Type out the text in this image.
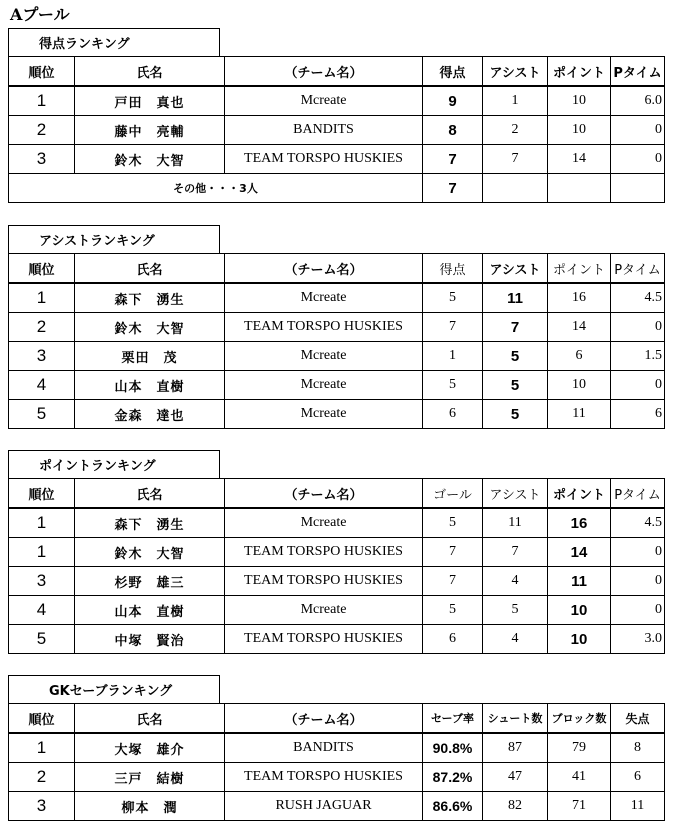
Aプール
得点ランキング
順位	氏名	（チーム名）	得点	アシスト	ポイント	Pタイム
1	戸田　真也	Mcreate	9	1	10	6.0
2	藤中　亮輔	BANDITS	8	2	10	0
3	鈴木　大智	TEAM TORSPO HUSKIES	7	7	14	0
その他・・・3人			7			
アシストランキング
順位	氏名	（チーム名）	得点	アシスト	ポイント	Pタイム
1	森下　湧生	Mcreate	5	11	16	4.5
2	鈴木　大智	TEAM TORSPO HUSKIES	7	7	14	0
3	栗田　茂	Mcreate	1	5	6	1.5
4	山本　直樹	Mcreate	5	5	10	0
5	金森　達也	Mcreate	6	5	11	6
ポイントランキング
順位	氏名	（チーム名）	ゴール	アシスト	ポイント	Pタイム
1	森下　湧生	Mcreate	5	11	16	4.5
1	鈴木　大智	TEAM TORSPO HUSKIES	7	7	14	0
3	杉野　雄三	TEAM TORSPO HUSKIES	7	4	11	0
4	山本　直樹	Mcreate	5	5	10	0
5	中塚　賢治	TEAM TORSPO HUSKIES	6	4	10	3.0
GKセーブランキング
順位	氏名	（チーム名）	セーブ率	シュート数	ブロック数	失点
1	大塚　雄介	BANDITS	90.8%	87	79	8
2	三戸　結樹	TEAM TORSPO HUSKIES	87.2%	47	41	6
3	柳本　潤	RUSH JAGUAR	86.6%	82	71	11
